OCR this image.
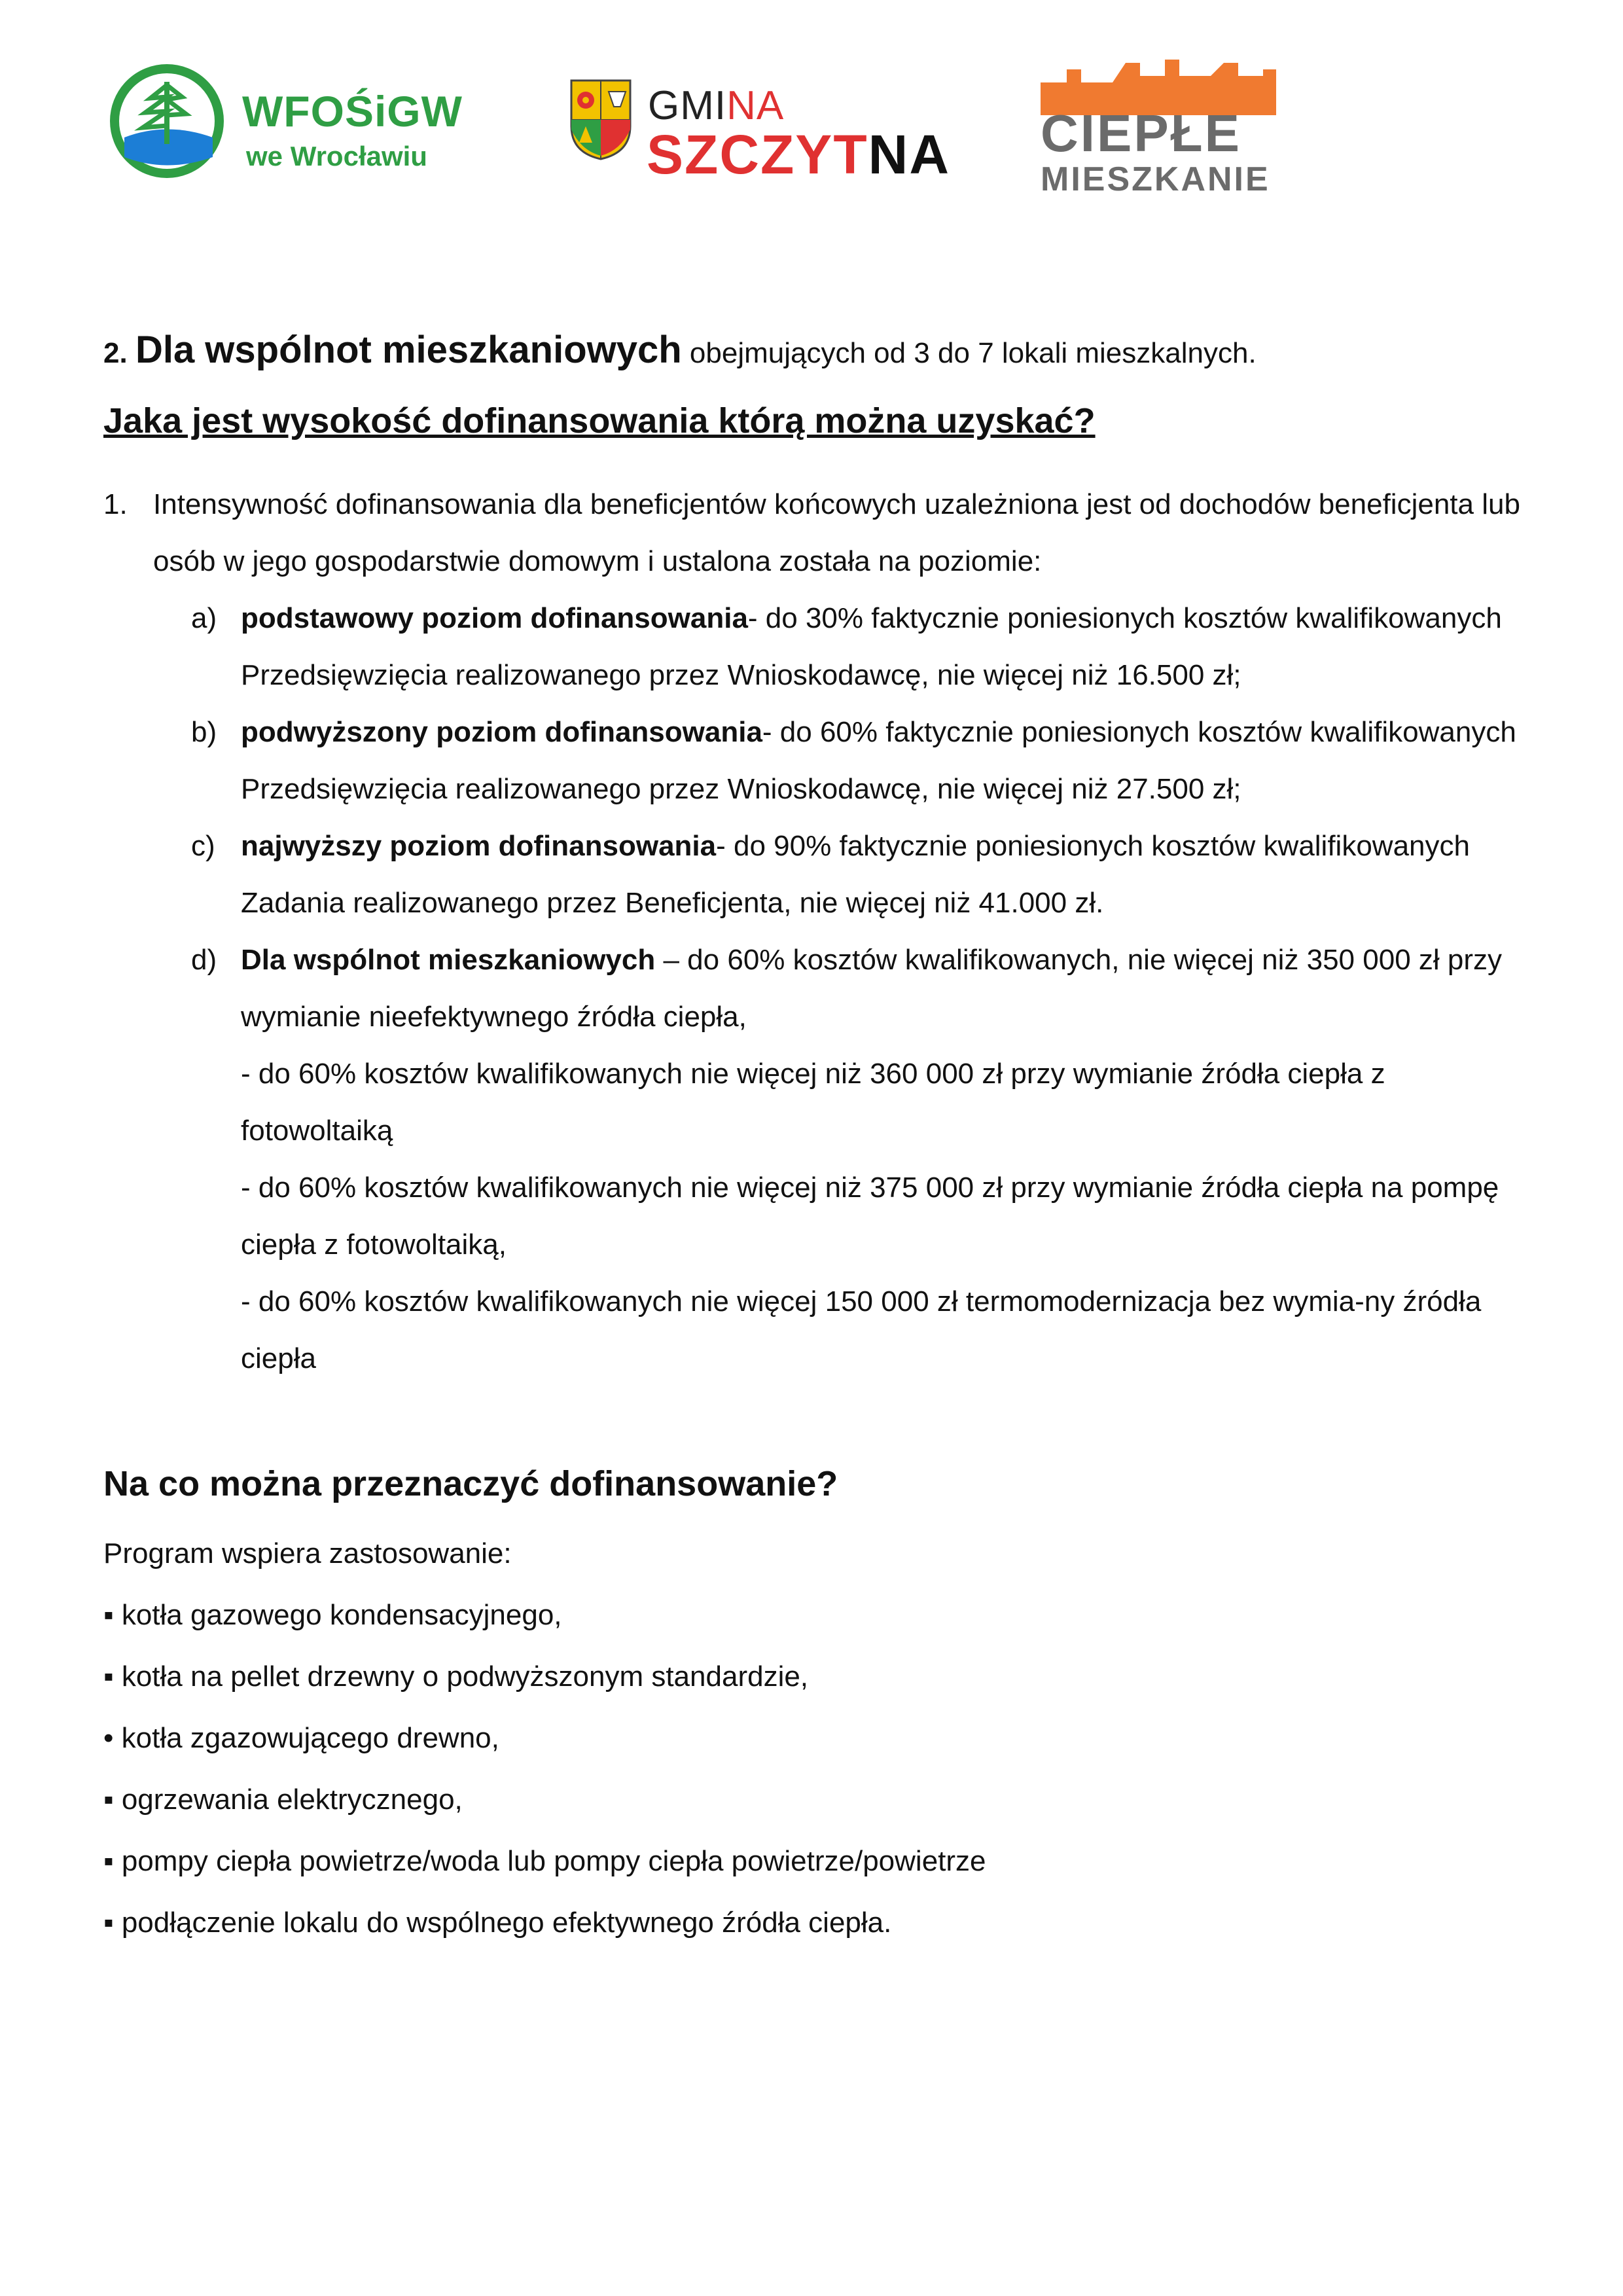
WFOŚiGW
we Wrocławiu
GMINA
SZCZYTNA CIEPŁE
MIESZKANIE

2. Dla wspólnot mieszkaniowych obejmujących od 3 do 7 lokali mieszkalnych.

Jaka jest wysokość dofinansowania którą można uzyskać?

1. Intensywność dofinansowania dla beneficjentów końcowych uzależniona jest od dochodów beneficjenta lub osób w jego gospodarstwie domowym i ustalona została na poziomie:

a) podstawowy poziom dofinansowania- do 30% faktycznie poniesionych kosztów kwalifikowanych Przedsięwzięcia realizowanego przez Wnioskodawcę, nie więcej niż 16.500 zł;

b) podwyższony poziom dofinansowania- do 60% faktycznie poniesionych kosztów kwalifikowanych Przedsięwzięcia realizowanego przez Wnioskodawcę, nie więcej niż 27.500 zł;

c) najwyższy poziom dofinansowania- do 90% faktycznie poniesionych kosztów kwalifikowanych Zadania realizowanego przez Beneficjenta, nie więcej niż 41.000 zł.

d) Dla wspólnot mieszkaniowych – do 60% kosztów kwalifikowanych, nie więcej niż 350 000 zł przy wymianie nieefektywnego źródła ciepła,

- do 60% kosztów kwalifikowanych nie więcej niż 360 000 zł przy wymianie źródła ciepła z fotowoltaiką

- do 60% kosztów kwalifikowanych nie więcej niż 375 000 zł przy wymianie źródła ciepła na pompę ciepła z fotowoltaiką,

- do 60% kosztów kwalifikowanych nie więcej 150 000 zł termomodernizacja bez wymia-ny źródła ciepła

Na co można przeznaczyć dofinansowanie?

Program wspiera zastosowanie:

▪ kotła gazowego kondensacyjnego,

▪ kotła na pellet drzewny o podwyższonym standardzie,

• kotła zgazowującego drewno,

▪ ogrzewania elektrycznego,

▪ pompy ciepła powietrze/woda lub pompy ciepła powietrze/powietrze

▪ podłączenie lokalu do wspólnego efektywnego źródła ciepła.
